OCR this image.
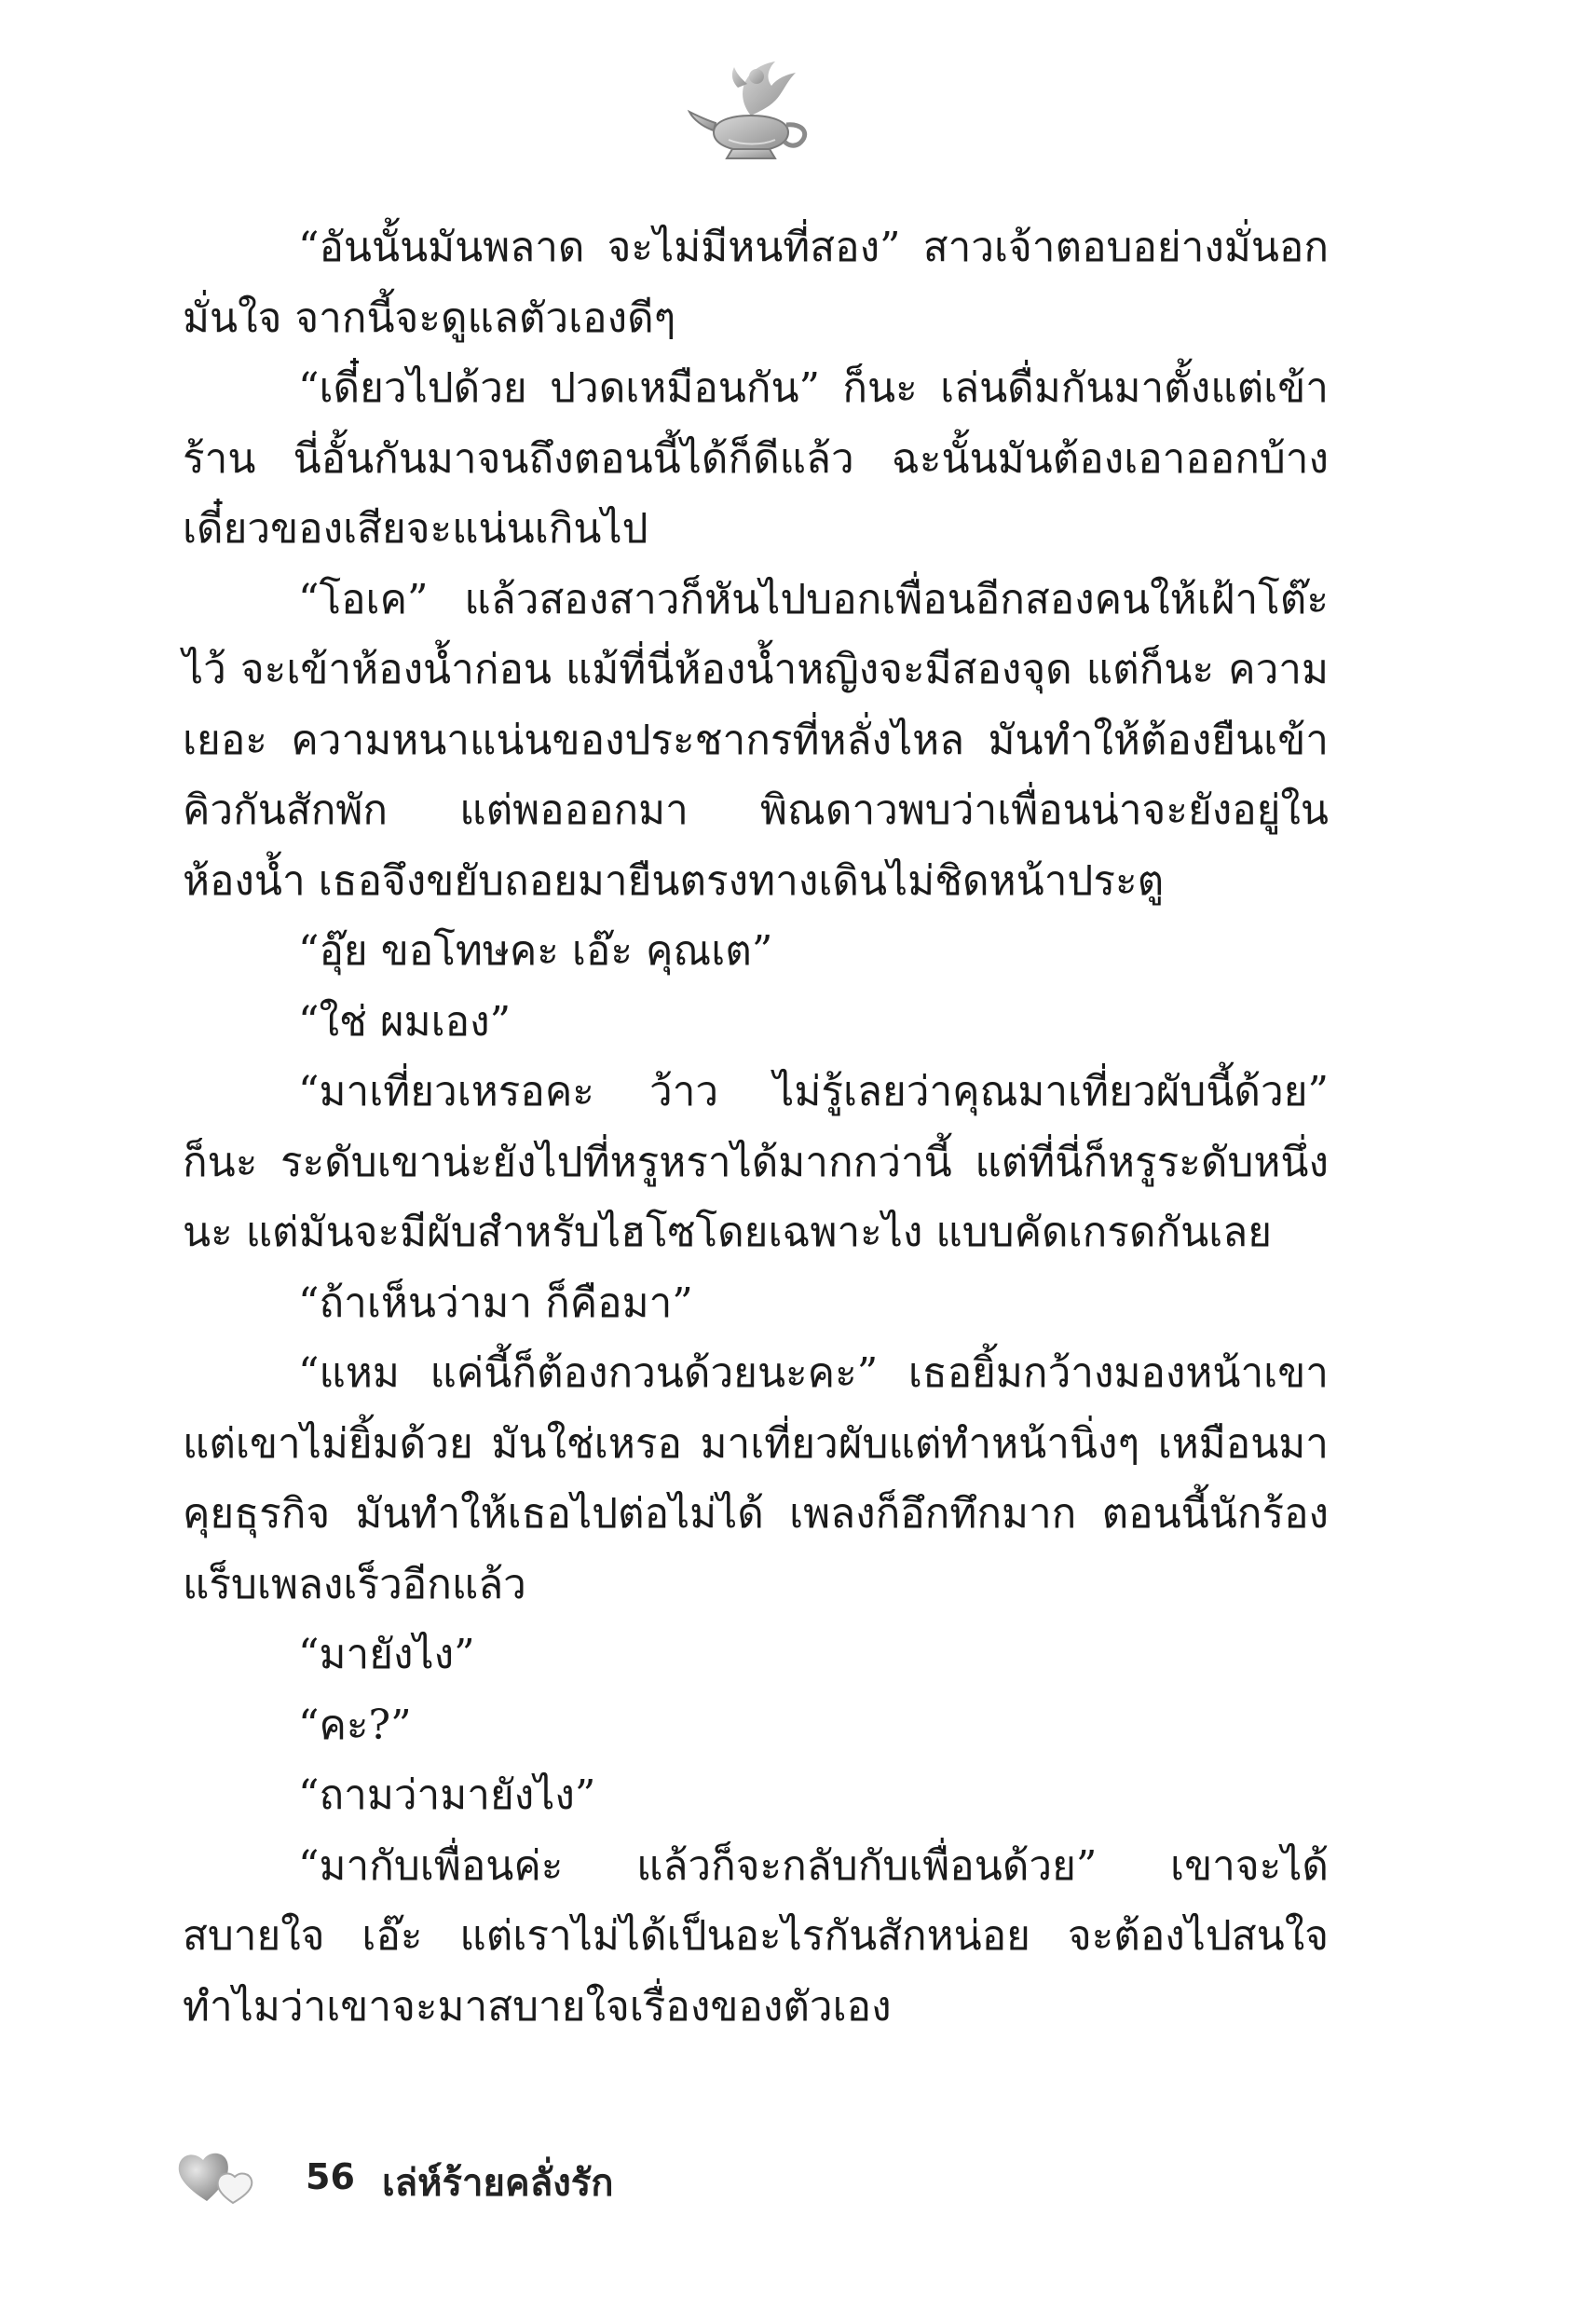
“อันนั้นมันพลาด จะไม่มีหนที่สอง” สาวเจ้าตอบอย่างมั่นอกมั่นใจ จากนี้จะดูแลตัวเองดีๆ

“เดี๋ยวไปด้วย ปวดเหมือนกัน” ก็นะ เล่นดื่มกันมาตั้งแต่เข้าร้าน นี่อั้นกันมาจนถึงตอนนี้ได้ก็ดีแล้ว ฉะนั้นมันต้องเอาออกบ้าง เดี๋ยวของเสียจะแน่นเกินไป

“โอเค” แล้วสองสาวก็หันไปบอกเพื่อนอีกสองคนให้เฝ้าโต๊ะไว้ จะเข้าห้องน้ำก่อน แม้ที่นี่ห้องน้ำหญิงจะมีสองจุด แต่ก็นะ ความเยอะ ความหนาแน่นของประชากรที่หลั่งไหล มันทำให้ต้องยืนเข้าคิวกันสักพัก แต่พอออกมา พิณดาวพบว่าเพื่อนน่าจะยังอยู่ในห้องน้ำ เธอจึงขยับถอยมายืนตรงทางเดินไม่ชิดหน้าประตู

“อุ๊ย ขอโทษคะ เอ๊ะ คุณเต”

“ใช่ ผมเอง”

“มาเที่ยวเหรอคะ ว้าว ไม่รู้เลยว่าคุณมาเที่ยวผับนี้ด้วย” ก็นะ ระดับเขาน่ะยังไปที่หรูหราได้มากกว่านี้ แต่ที่นี่ก็หรูระดับหนึ่งนะ แต่มันจะมีผับสำหรับไฮโซโดยเฉพาะไง แบบคัดเกรดกันเลย

“ถ้าเห็นว่ามา ก็คือมา”

“แหม แค่นี้ก็ต้องกวนด้วยนะคะ” เธอยิ้มกว้างมองหน้าเขา แต่เขาไม่ยิ้มด้วย มันใช่เหรอ มาเที่ยวผับแต่ทำหน้านิ่งๆ เหมือนมาคุยธุรกิจ มันทำให้เธอไปต่อไม่ได้ เพลงก็อึกทึกมาก ตอนนี้นักร้องแร็บเพลงเร็วอีกแล้ว

“มายังไง”

“คะ?”

“ถามว่ามายังไง”

“มากับเพื่อนค่ะ แล้วก็จะกลับกับเพื่อนด้วย” เขาจะได้สบายใจ เอ๊ะ แต่เราไม่ได้เป็นอะไรกันสักหน่อย จะต้องไปสนใจทำไมว่าเขาจะมาสบายใจเรื่องของตัวเอง

56 เล่ห์ร้ายคลั่งรัก
